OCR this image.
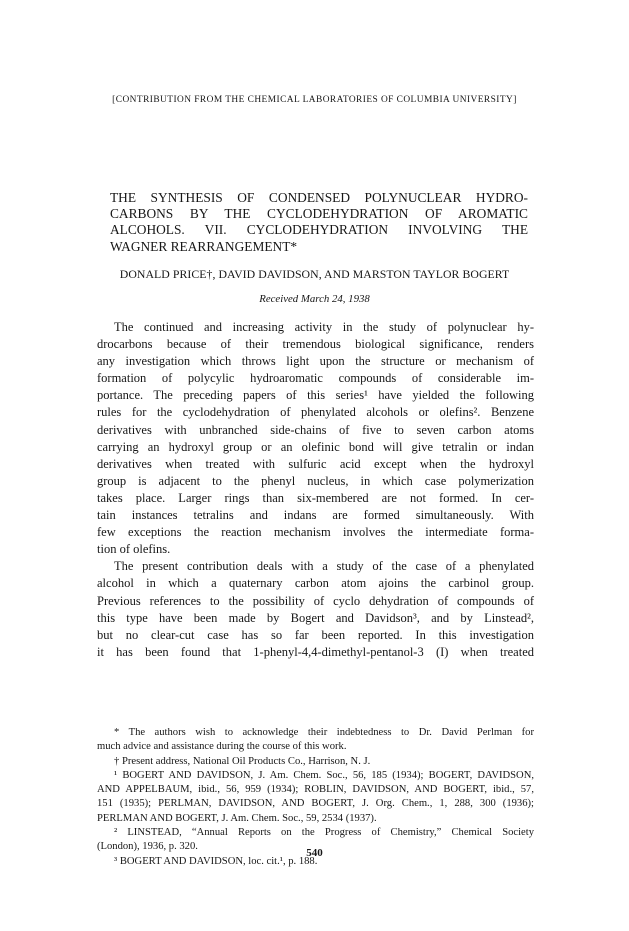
[CONTRIBUTION FROM THE CHEMICAL LABORATORIES OF COLUMBIA UNIVERSITY]
THE SYNTHESIS OF CONDENSED POLYNUCLEAR HYDRO-
CARBONS BY THE CYCLODEHYDRATION OF AROMATIC
ALCOHOLS. VII. CYCLODEHYDRATION INVOLVING THE
WAGNER REARRANGEMENT*
DONALD PRICE†, DAVID DAVIDSON, AND MARSTON TAYLOR BOGERT
Received March 24, 1938
The continued and increasing activity in the study of polynuclear hy-
drocarbons because of their tremendous biological significance, renders
any investigation which throws light upon the structure or mechanism of
formation of polycylic hydroaromatic compounds of considerable im-
portance. The preceding papers of this series¹ have yielded the following
rules for the cyclodehydration of phenylated alcohols or olefins². Benzene
derivatives with unbranched side-chains of five to seven carbon atoms
carrying an hydroxyl group or an olefinic bond will give tetralin or indan
derivatives when treated with sulfuric acid except when the hydroxyl
group is adjacent to the phenyl nucleus, in which case polymerization
takes place. Larger rings than six-membered are not formed. In cer-
tain instances tetralins and indans are formed simultaneously. With
few exceptions the reaction mechanism involves the intermediate forma-
tion of olefins.
The present contribution deals with a study of the case of a phenylated
alcohol in which a quaternary carbon atom ajoins the carbinol group.
Previous references to the possibility of cyclo dehydration of compounds of
this type have been made by Bogert and Davidson³, and by Linstead²,
but no clear-cut case has so far been reported. In this investigation
it has been found that 1-phenyl-4,4-dimethyl-pentanol-3 (I) when treated
* The authors wish to acknowledge their indebtedness to Dr. David Perlman for
much advice and assistance during the course of this work.
† Present address, National Oil Products Co., Harrison, N. J.
¹ BOGERT AND DAVIDSON, J. Am. Chem. Soc., 56, 185 (1934); BOGERT, DAVIDSON,
AND APPELBAUM, ibid., 56, 959 (1934); ROBLIN, DAVIDSON, AND BOGERT, ibid., 57,
151 (1935); PERLMAN, DAVIDSON, AND BOGERT, J. Org. Chem., 1, 288, 300 (1936);
PERLMAN AND BOGERT, J. Am. Chem. Soc., 59, 2534 (1937).
² LINSTEAD, “Annual Reports on the Progress of Chemistry,” Chemical Society
(London), 1936, p. 320.
³ BOGERT AND DAVIDSON, loc. cit.¹, p. 188.
540
